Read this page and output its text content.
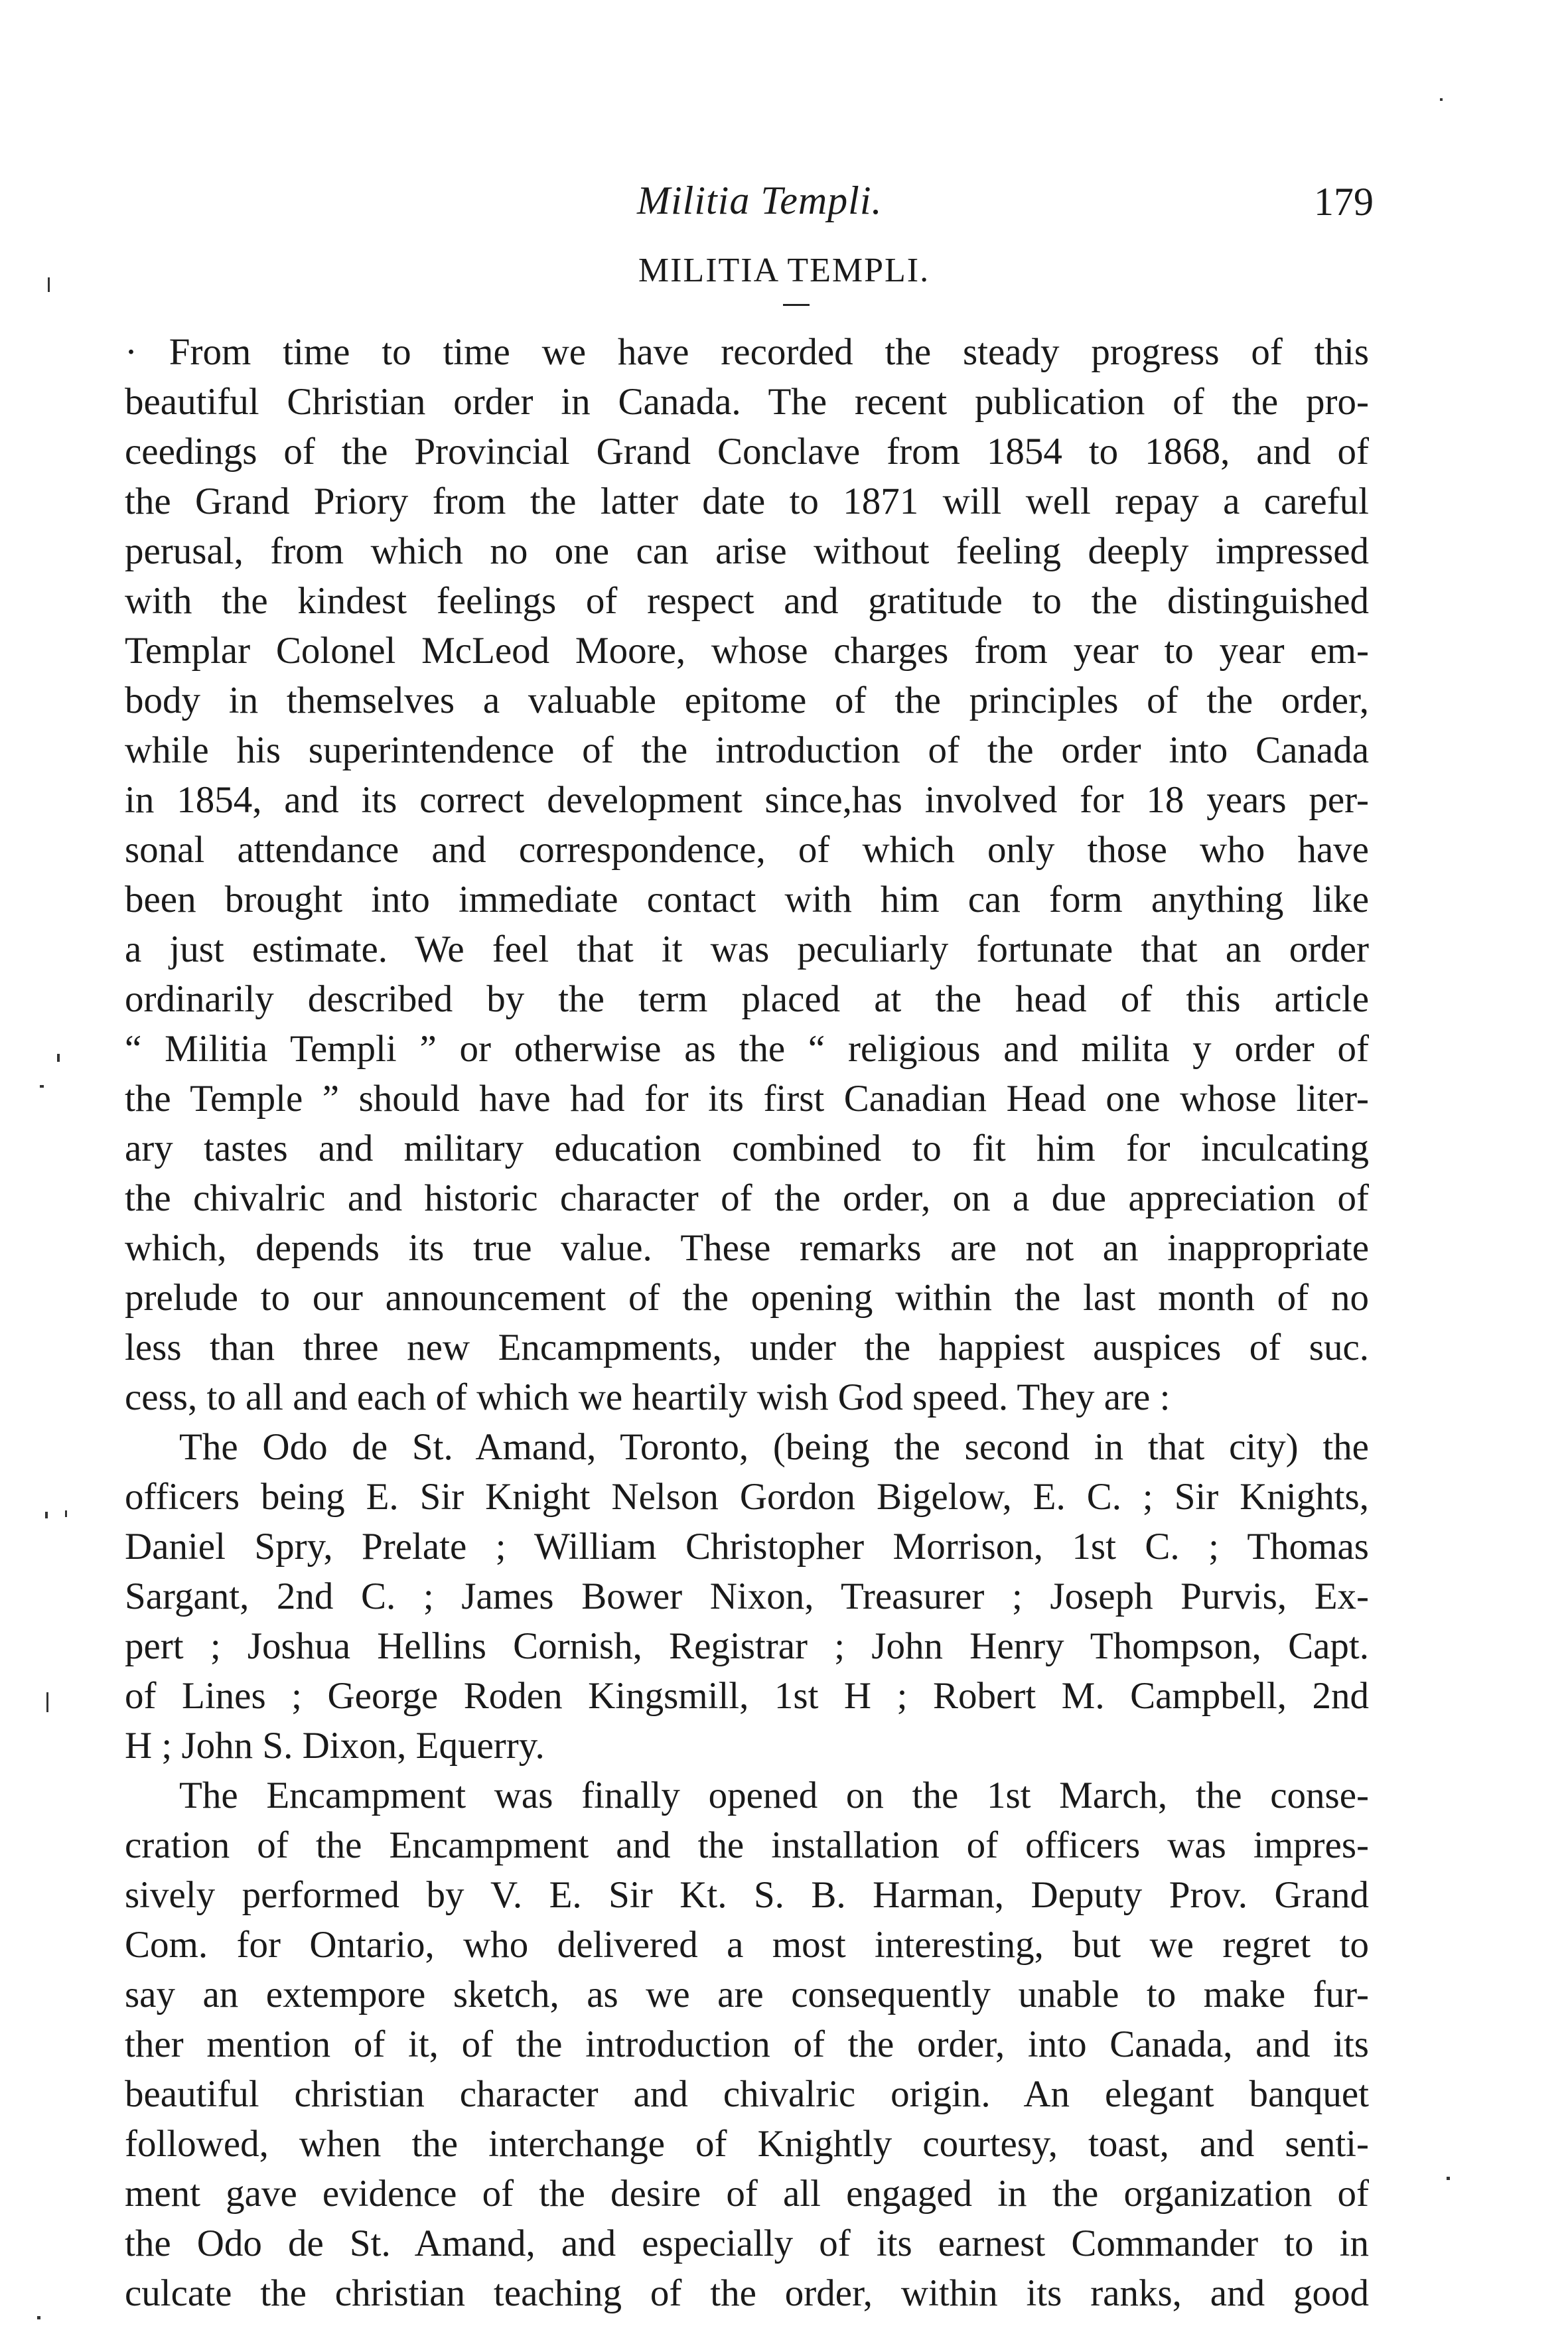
Militia Templi.	179
MILITIA TEMPLI.
· From time to time we have recorded the steady progress of this
beautiful Christian order in Canada. The recent publication of the pro-
ceedings of the Provincial Grand Conclave from 1854 to 1868, and of
the Grand Priory from the latter date to 1871 will well repay a careful
perusal, from which no one can arise without feeling deeply impressed
with the kindest feelings of respect and gratitude to the distinguished
Templar Colonel McLeod Moore, whose charges from year to year em-
body in themselves a valuable epitome of the principles of the order,
while his superintendence of the introduction of the order into Canada
in 1854, and its correct development since,has involved for 18 years per-
sonal attendance and correspondence, of which only those who have
been brought into immediate contact with him can form anything like
a just estimate. We feel that it was peculiarly fortunate that an order
ordinarily described by the term placed at the head of this article
“ Militia Templi ” or otherwise as the “ religious and milita y order of
the Temple ” should have had for its first Canadian Head one whose liter-
ary tastes and military education combined to fit him for inculcating
the chivalric and historic character of the order, on a due appreciation of
which, depends its true value. These remarks are not an inappropriate
prelude to our announcement of the opening within the last month of no
less than three new Encampments, under the happiest auspices of suc.
cess, to all and each of which we heartily wish God speed. They are :
The Odo de St. Amand, Toronto, (being the second in that city) the
officers being E. Sir Knight Nelson Gordon Bigelow, E. C. ; Sir Knights,
Daniel Spry, Prelate ; William Christopher Morrison, 1st C. ; Thomas
Sargant, 2nd C. ; James Bower Nixon, Treasurer ; Joseph Purvis, Ex-
pert ; Joshua Hellins Cornish, Registrar ; John Henry Thompson, Capt.
of Lines ; George Roden Kingsmill, 1st H ; Robert M. Campbell, 2nd
H ; John S. Dixon, Equerry.
The Encampment was finally opened on the 1st March, the conse-
cration of the Encampment and the installation of officers was impres-
sively performed by V. E. Sir Kt. S. B. Harman, Deputy Prov. Grand
Com. for Ontario, who delivered a most interesting, but we regret to
say an extempore sketch, as we are consequently unable to make fur-
ther mention of it, of the introduction of the order, into Canada, and its
beautiful christian character and chivalric origin. An elegant banquet
followed, when the interchange of Knightly courtesy, toast, and senti-
ment gave evidence of the desire of all engaged in the organization of
the Odo de St. Amand, and especially of its earnest Commander to in
culcate the christian teaching of the order, within its ranks, and good
